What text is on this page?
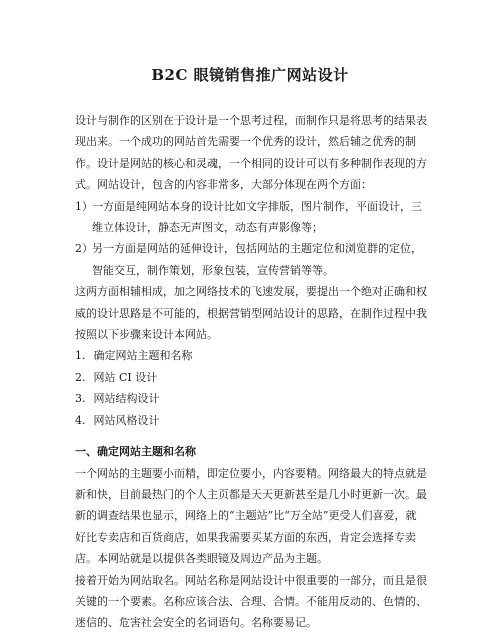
B2C 眼镜销售推广网站设计

设计与制作的区别在于设计是一个思考过程，而制作只是将思考的结果表现出来。一个成功的网站首先需要一个优秀的设计，然后辅之优秀的制作。设计是网站的核心和灵魂，一个相同的设计可以有多种制作表现的方式。网站设计，包含的内容非常多，大部分体现在两个方面：

1） 一方面是纯网站本身的设计比如文字排版，图片制作，平面设计，三维立体设计，静态无声图文，动态有声影像等；

2） 另一方面是网站的延伸设计，包括网站的主题定位和浏览群的定位，智能交互，制作策划，形象包装，宣传营销等等。

这两方面相辅相成，加之网络技术的飞速发展，要提出一个绝对正确和权威的设计思路是不可能的，根据营销型网站设计的思路，在制作过程中我按照以下步骤来设计本网站。

1. 确定网站主题和名称

2. 网站 CI 设计

3. 网站结构设计

4. 网站风格设计

一、确定网站主题和名称

一个网站的主题要小而精，即定位要小，内容要精。网络最大的特点就是新和快，目前最热门的个人主页都是天天更新甚至是几小时更新一次。最新的调查结果也显示，网络上的“主题站”比“万全站”更受人们喜爱，就好比专卖店和百货商店，如果我需要买某方面的东西，肯定会选择专卖店。本网站就是以提供各类眼镜及周边产品为主题。

接着开始为网站取名。网站名称是网站设计中很重要的一部分，而且是很关键的一个要素。名称应该合法、合理、合情。不能用反动的、色情的、迷信的、危害社会安全的名词语句。名称要易记。
